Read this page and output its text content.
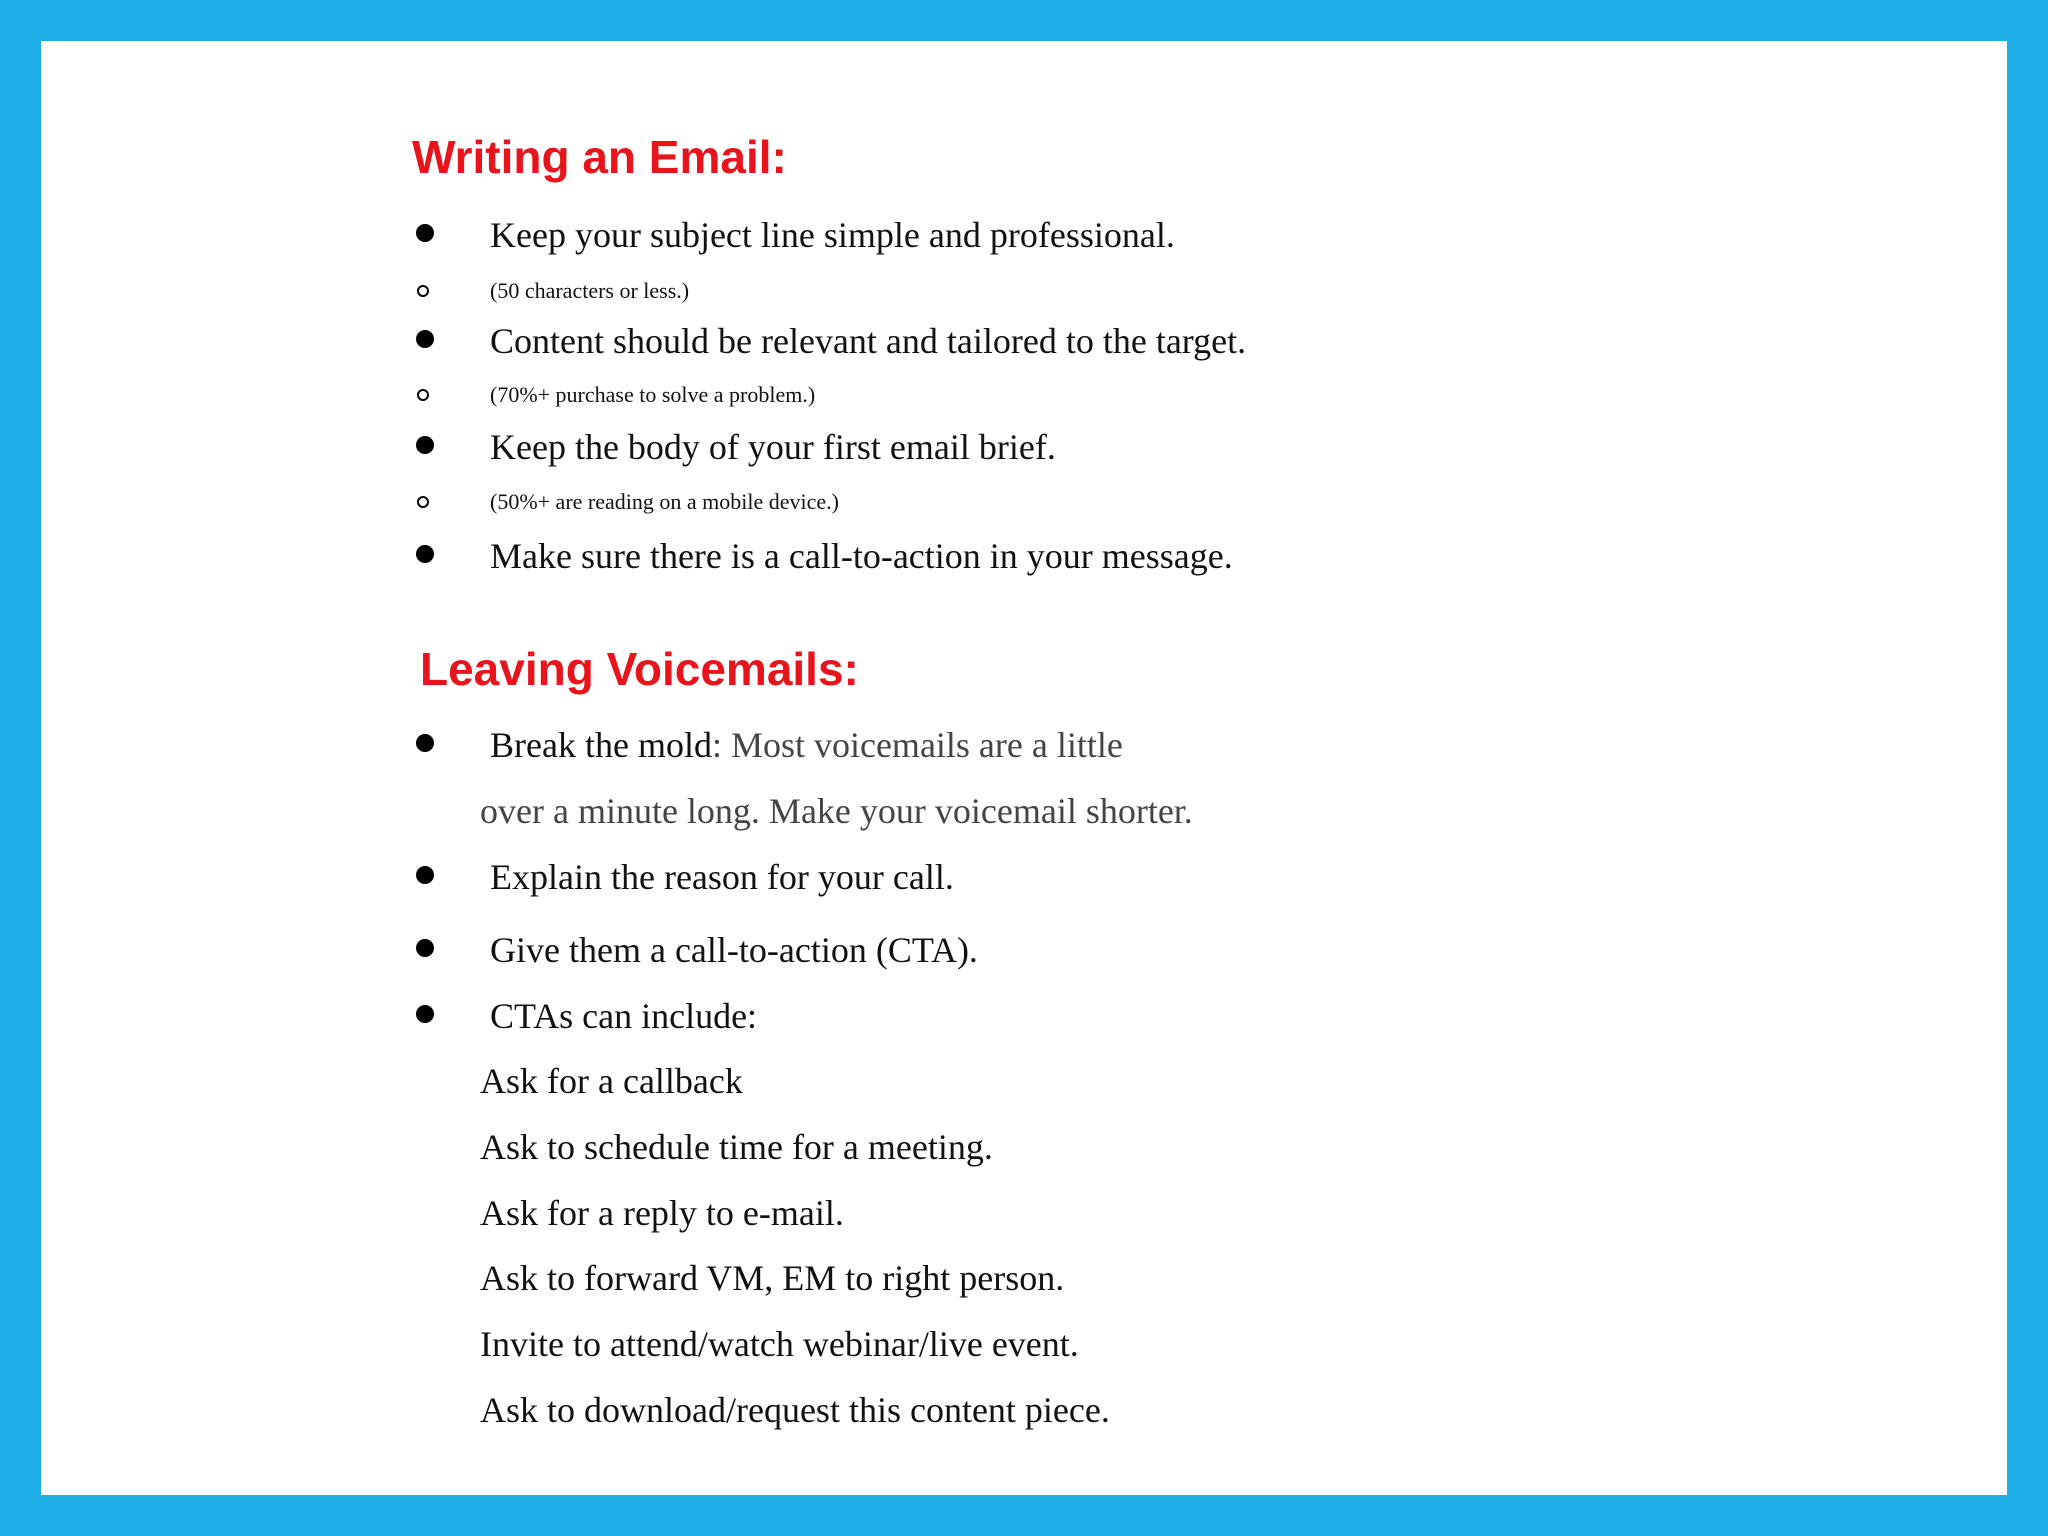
Writing an Email:

Keep your subject line simple and professional.

(50 characters or less.)

Content should be relevant and tailored to the target.

(70%+ purchase to solve a problem.)

Keep the body of your first email brief.

(50%+ are reading on a mobile device.)

Make sure there is a call-to-action in your message.

Leaving Voicemails:

Break the mold: Most voicemails are a little

over a minute long. Make your voicemail shorter.

Explain the reason for your call.

Give them a call-to-action (CTA).

CTAs can include:

Ask for a callback

Ask to schedule time for a meeting.

Ask for a reply to e-mail.

Ask to forward VM, EM to right person.

Invite to attend/watch webinar/live event.

Ask to download/request this content piece.
